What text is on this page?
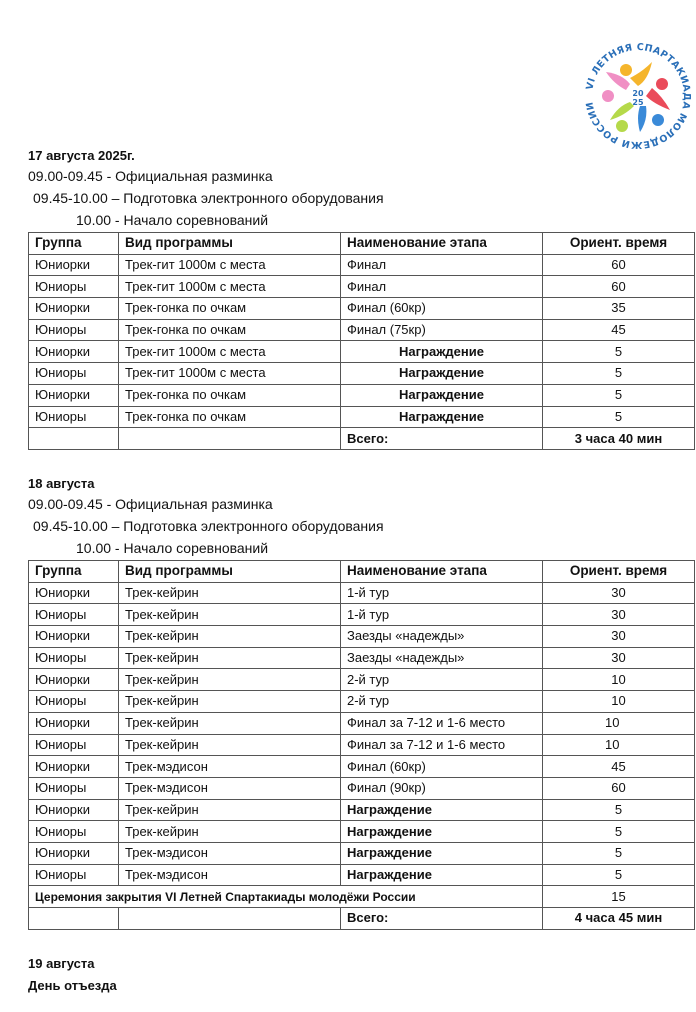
VI ЛЕТНЯЯ СПАРТАКИАДА МОЛОДЕЖИ РОССИИ
20
25
17 августа 2025г.
09.00-09.45 - Официальная разминка
09.45-10.00 – Подготовка электронного оборудования
10.00 - Начало соревнований
Группа	Вид программы	Наименование этапа	Ориент. время
Юниорки	Трек-гит 1000м с места	Финал	60
Юниоры	Трек-гит 1000м с места	Финал	60
Юниорки	Трек-гонка по очкам	Финал (60кр)	35
Юниоры	Трек-гонка по очкам	Финал (75кр)	45
Юниорки	Трек-гит 1000м с места	Награждение	5
Юниоры	Трек-гит 1000м с места	Награждение	5
Юниорки	Трек-гонка по очкам	Награждение	5
Юниоры	Трек-гонка по очкам	Награждение	5
		Всего:	3 часа 40 мин
18 августа
09.00-09.45 - Официальная разминка
09.45-10.00 – Подготовка электронного оборудования
10.00 - Начало соревнований
Группа	Вид программы	Наименование этапа	Ориент. время
Юниорки	Трек-кейрин	1-й тур	30
Юниоры	Трек-кейрин	1-й тур	30
Юниорки	Трек-кейрин	Заезды «надежды»	30
Юниоры	Трек-кейрин	Заезды «надежды»	30
Юниорки	Трек-кейрин	2-й тур	10
Юниоры	Трек-кейрин	2-й тур	10
Юниорки	Трек-кейрин	Финал за 7-12 и 1-6 место	10
Юниоры	Трек-кейрин	Финал за 7-12 и 1-6 место	10
Юниорки	Трек-мэдисон	Финал (60кр)	45
Юниоры	Трек-мэдисон	Финал (90кр)	60
Юниорки	Трек-кейрин	Награждение	5
Юниоры	Трек-кейрин	Награждение	5
Юниорки	Трек-мэдисон	Награждение	5
Юниоры	Трек-мэдисон	Награждение	5
Церемония закрытия VI Летней Спартакиады молодёжи России			15
		Всего:	4 часа 45 мин
19 августа
День отъезда
